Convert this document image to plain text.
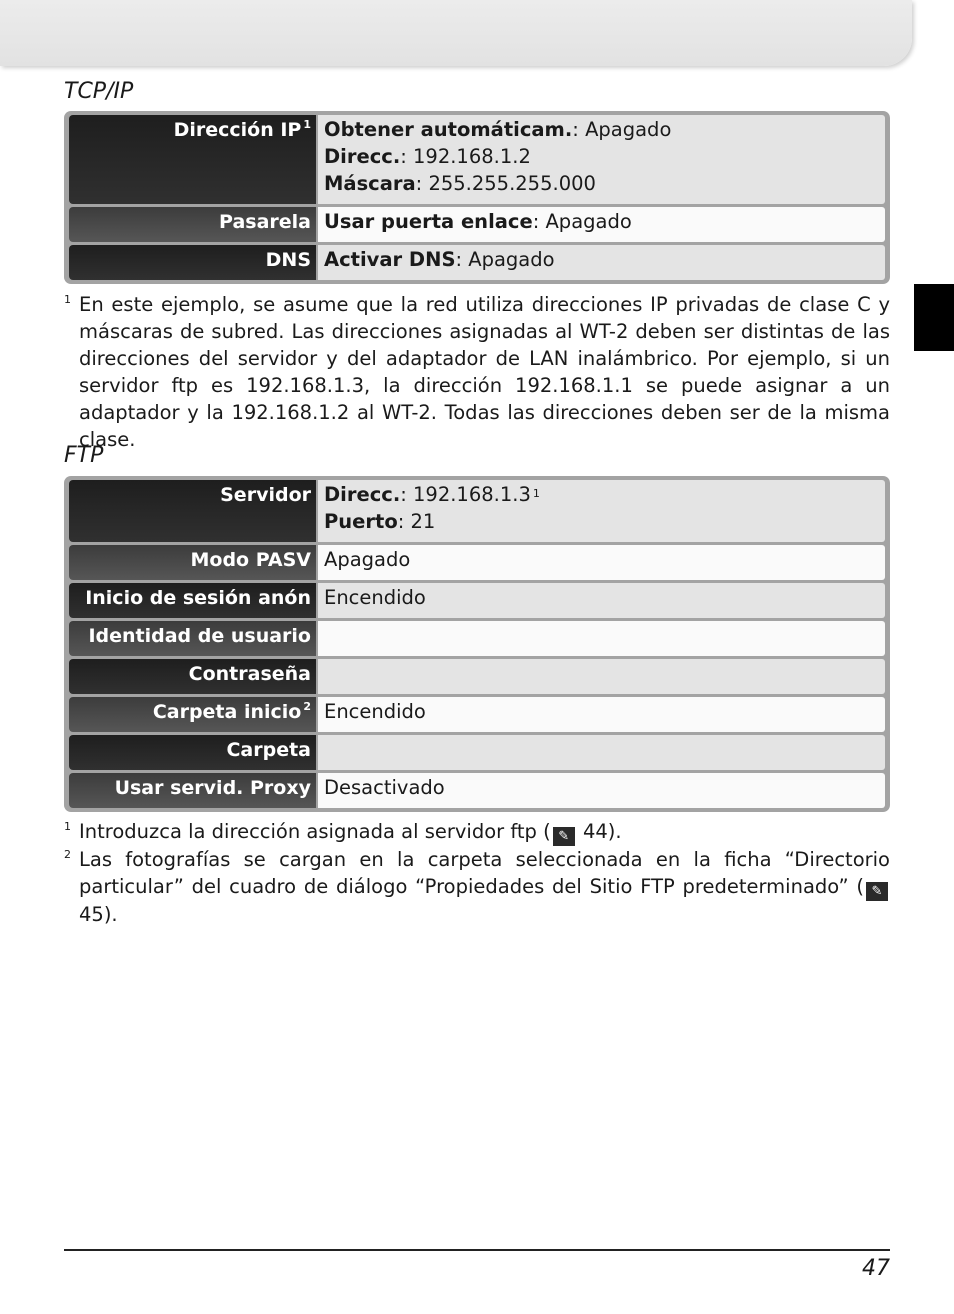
TCP/IP
Dirección IP $^1$ Obtener automáticam.: Apagado
Direcc.: 192.168.1.2
Máscara: 255.255.255.000
Pasarela Usar puerta enlace: Apagado
DNS Activar DNS: Apagado
1 En este ejemplo, se asume que la red utiliza direcciones IP privadas de clase C y máscaras de subred. Las direcciones asignadas al WT-2 deben ser distintas de las direcciones del servidor y del adaptador de LAN inalámbrico. Por ejemplo, si un servidor ftp es 192.168.1.3, la dirección 192.168.1.1 se puede asignar a un adaptador y la 192.168.1.2 al WT-2. Todas las direcciones deben ser de la misma clase.
FTP
Servidor Direcc.: 192.168.1.3 $^1$
Puerto: 21
Modo PASV Apagado
Inicio de sesión anón Encendido
Identidad de usuario
Contraseña
Carpeta inicio $^2$ Encendido
Carpeta
Usar servid. Proxy Desactivado
1 Introduzca la dirección asignada al servidor ftp ( ✎ 44).
2 Las fotografías se cargan en la carpeta seleccionada en la ficha “Directorio particular” del cuadro de diálogo “Propiedades del Sitio FTP predeterminado” ( ✎ 45).
47
